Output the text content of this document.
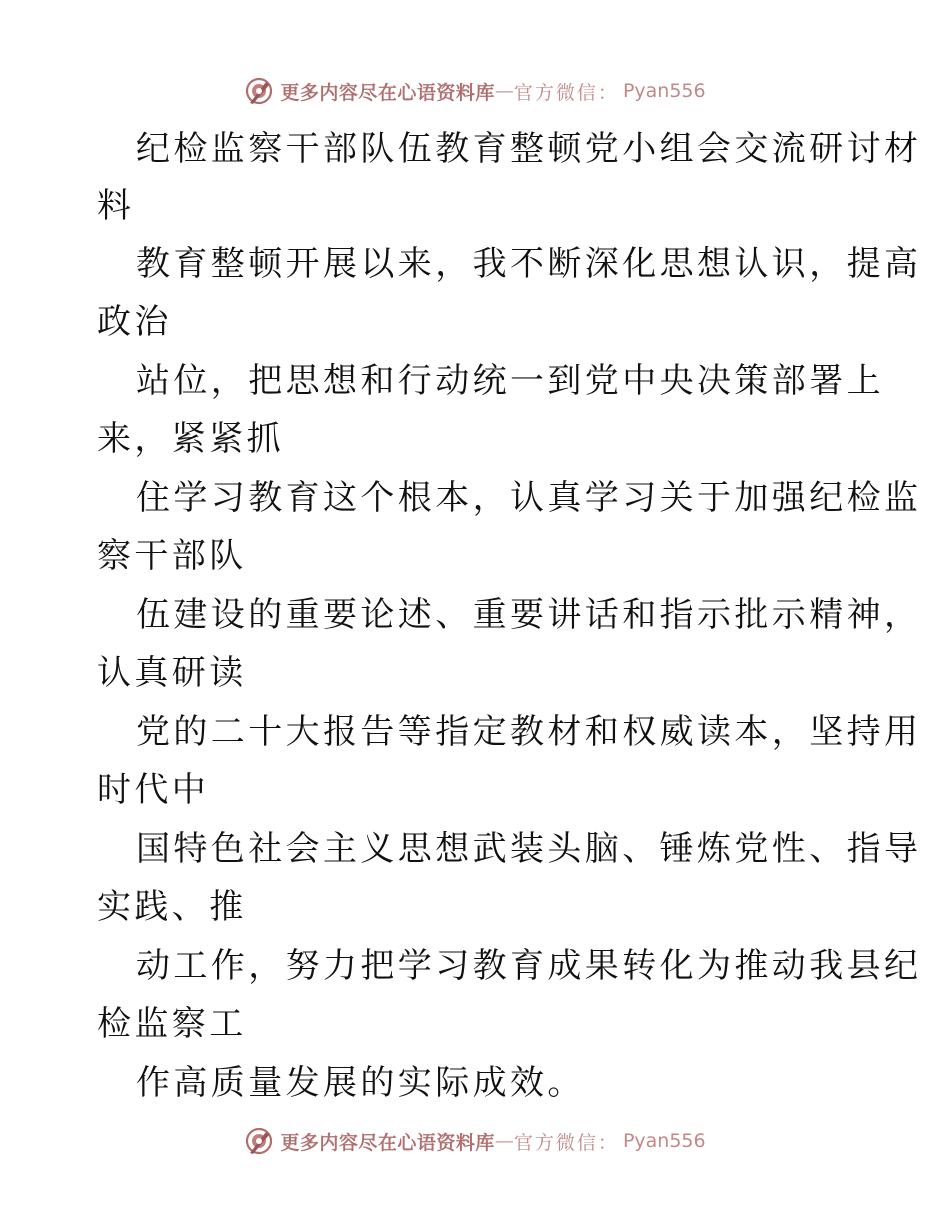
更多内容尽在心语资料库 — 官方微信： Pyan556
纪检监察干部队伍教育整顿党小组会交流研讨材
料
教育整顿开展以来，我不断深化思想认识，提高
政治
站位，把思想和行动统一到党中央决策部署上
来，紧紧抓
住学习教育这个根本，认真学习关于加强纪检监
察干部队
伍建设的重要论述、重要讲话和指示批示精神，
认真研读
党的二十大报告等指定教材和权威读本，坚持用
时代中
国特色社会主义思想武装头脑、锤炼党性、指导
实践、推
动工作，努力把学习教育成果转化为推动我县纪
检监察工
作高质量发展的实际成效。
更多内容尽在心语资料库 — 官方微信： Pyan556
